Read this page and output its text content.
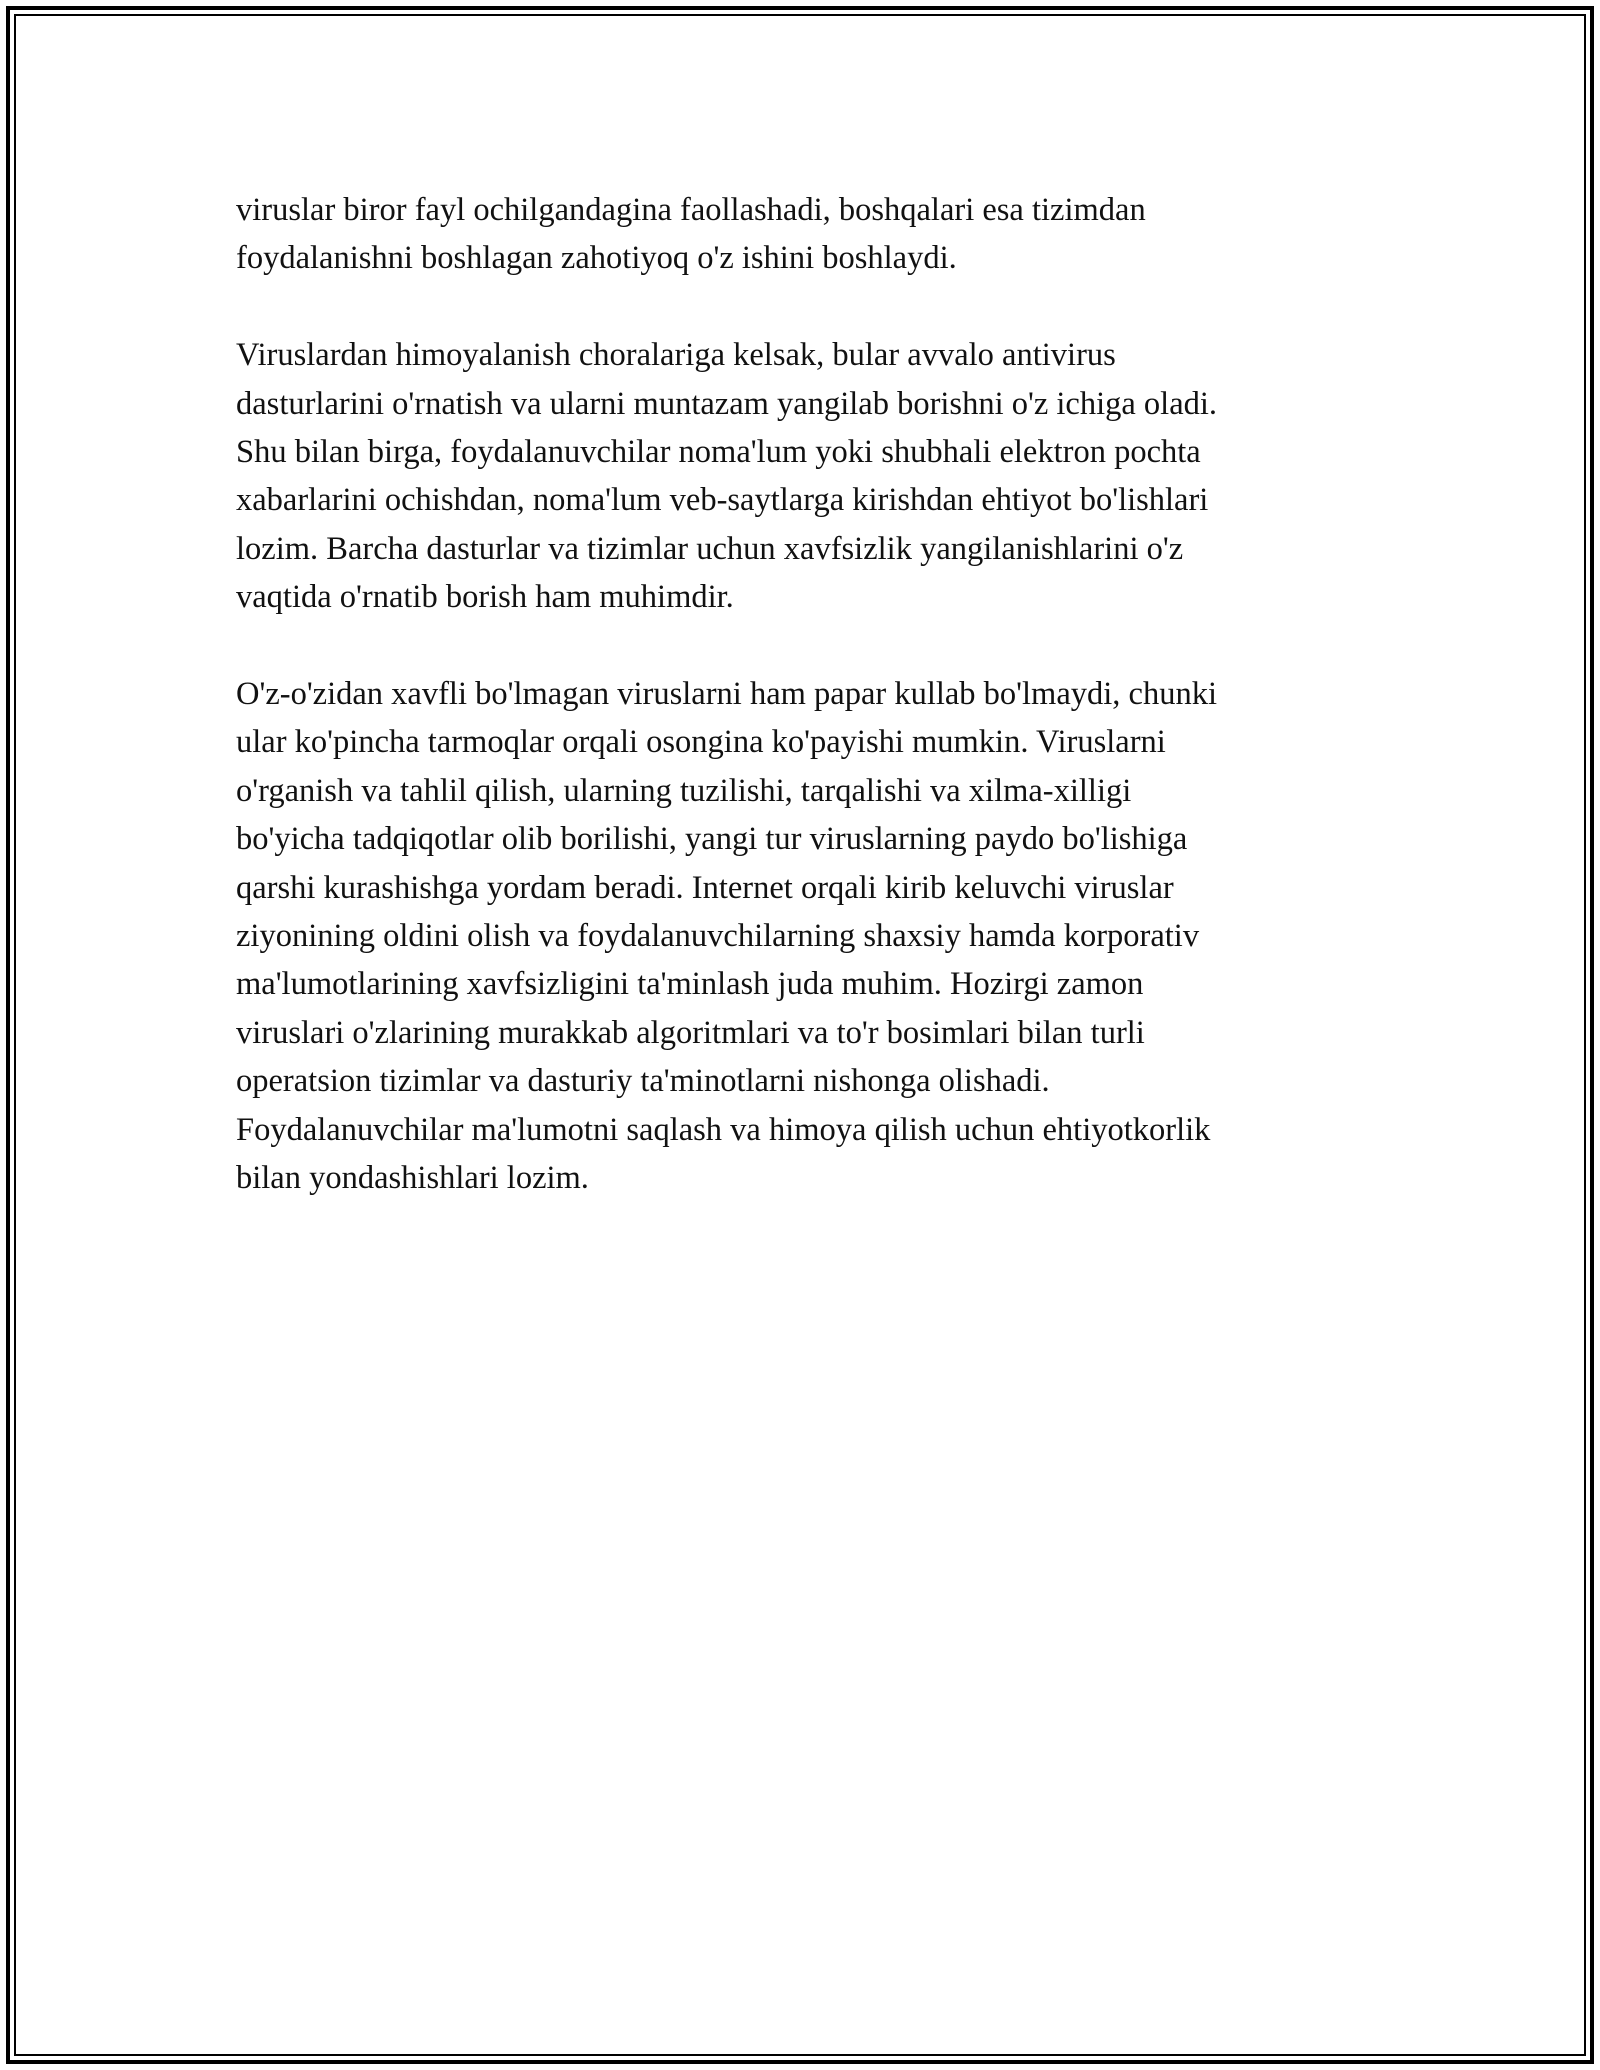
viruslar biror fayl ochilgandagina faollashadi, boshqalari esa tizimdan
foydalanishni boshlagan zahotiyoq o'z ishini boshlaydi.

Viruslardan himoyalanish choralariga kelsak, bular avvalo antivirus
dasturlarini o'rnatish va ularni muntazam yangilab borishni o'z ichiga oladi.
Shu bilan birga, foydalanuvchilar noma'lum yoki shubhali elektron pochta
xabarlarini ochishdan, noma'lum veb-saytlarga kirishdan ehtiyot bo'lishlari
lozim. Barcha dasturlar va tizimlar uchun xavfsizlik yangilanishlarini o'z
vaqtida o'rnatib borish ham muhimdir.

O'z-o'zidan xavfli bo'lmagan viruslarni ham papar kullab bo'lmaydi, chunki
ular ko'pincha tarmoqlar orqali osongina ko'payishi mumkin. Viruslarni
o'rganish va tahlil qilish, ularning tuzilishi, tarqalishi va xilma-xilligi
bo'yicha tadqiqotlar olib borilishi, yangi tur viruslarning paydo bo'lishiga
qarshi kurashishga yordam beradi. Internet orqali kirib keluvchi viruslar
ziyonining oldini olish va foydalanuvchilarning shaxsiy hamda korporativ
ma'lumotlarining xavfsizligini ta'minlash juda muhim. Hozirgi zamon
viruslari o'zlarining murakkab algoritmlari va to'r bosimlari bilan turli
operatsion tizimlar va dasturiy ta'minotlarni nishonga olishadi.
Foydalanuvchilar ma'lumotni saqlash va himoya qilish uchun ehtiyotkorlik
bilan yondashishlari lozim.
